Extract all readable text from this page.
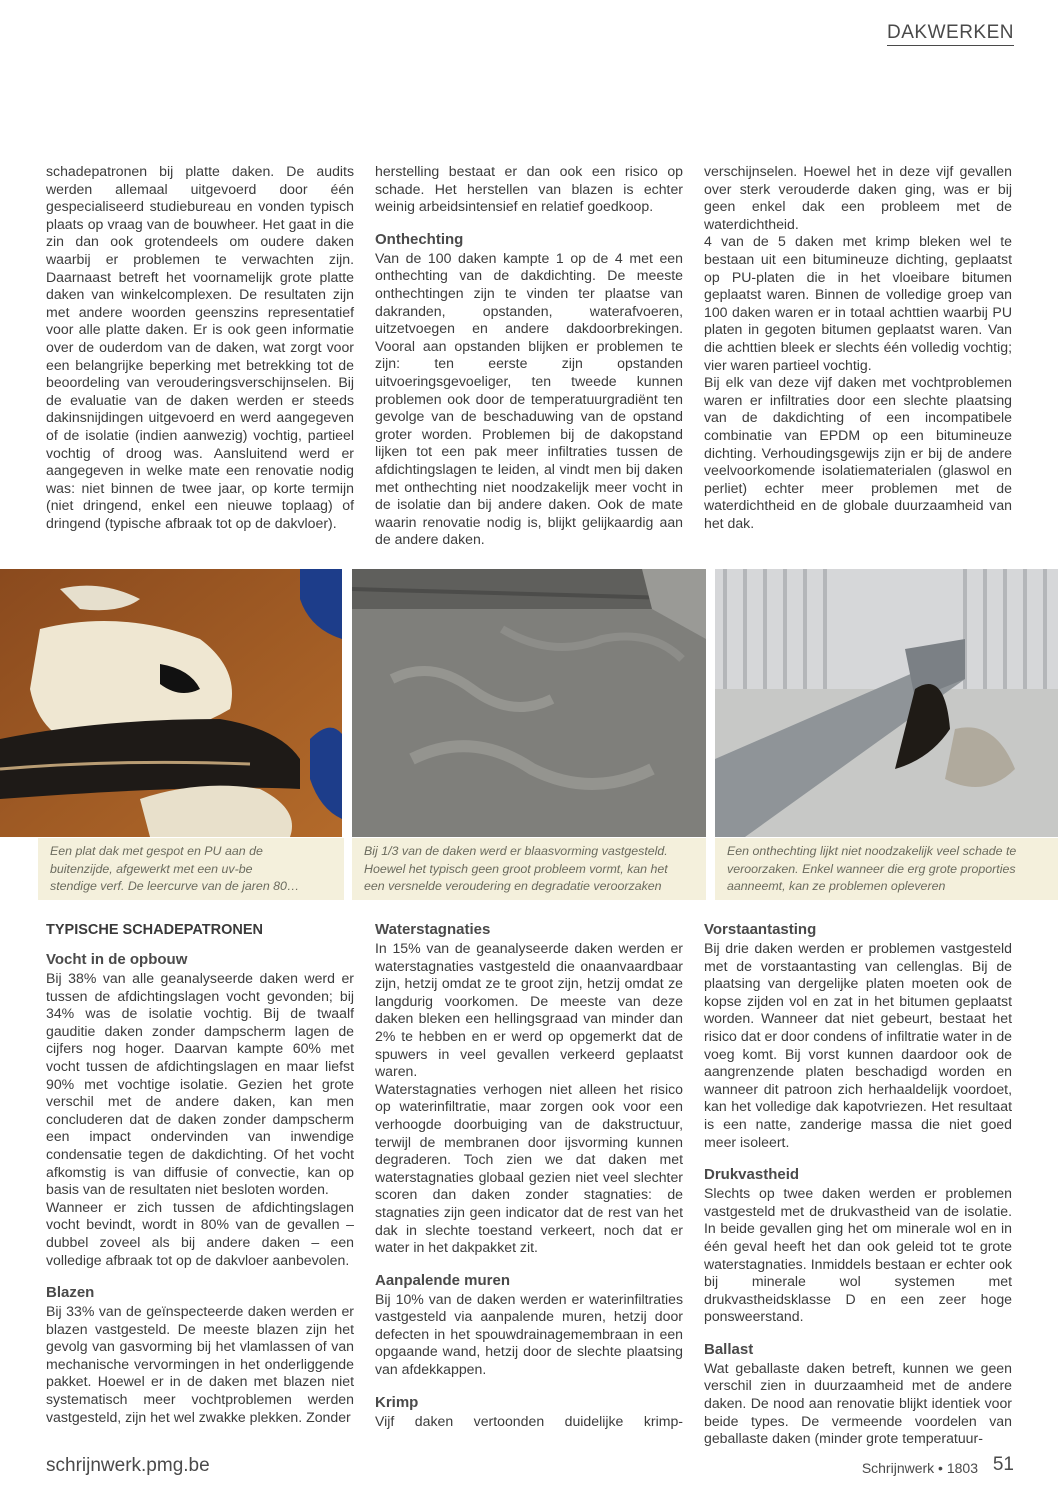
DAKWERKEN

schadepatronen bij platte daken. De audits werden allemaal uitgevoerd door één gespecialiseerd studiebureau en vonden typisch plaats op vraag van de bouwheer. Het gaat in die zin dan ook grotendeels om oudere daken waarbij er problemen te verwachten zijn. Daarnaast betreft het voornamelijk grote platte daken van winkelcomplexen. De resultaten zijn met andere woorden geenszins representatief voor alle platte daken. Er is ook geen informatie over de ouderdom van de daken, wat zorgt voor een belangrijke beperking met betrekking tot de beoordeling van verouderingsverschijnselen. Bij de evaluatie van de daken werden er steeds dakinsnijdingen uitgevoerd en werd aangegeven of de isolatie (indien aanwezig) vochtig, partieel vochtig of droog was. Aansluitend werd er aangegeven in welke mate een renovatie nodig was: niet binnen de twee jaar, op korte termijn (niet dringend, enkel een nieuwe toplaag) of dringend (typische afbraak tot op de dakvloer).

herstelling bestaat er dan ook een risico op schade. Het herstellen van blazen is echter weinig arbeidsintensief en relatief goedkoop.

Onthechting

Van de 100 daken kampte 1 op de 4 met een onthechting van de dakdichting. De meeste onthechtingen zijn te vinden ter plaatse van dakranden, opstanden, waterafvoeren, uitzetvoegen en andere dakdoorbrekingen. Vooral aan opstanden blijken er problemen te zijn: ten eerste zijn opstanden uitvoeringsgevoeliger, ten tweede kunnen problemen ook door de temperatuurgradiënt ten gevolge van de beschaduwing van de opstand groter worden. Problemen bij de dakopstand lijken tot een pak meer infiltraties tussen de afdichtingslagen te leiden, al vindt men bij daken met onthechting niet noodzakelijk meer vocht in de isolatie dan bij andere daken. Ook de mate waarin renovatie nodig is, blijkt gelijkaardig aan de andere daken.

verschijnselen. Hoewel het in deze vijf gevallen over sterk verouderde daken ging, was er bij geen enkel dak een probleem met de waterdichtheid.

4 van de 5 daken met krimp bleken wel te bestaan uit een bitumineuze dichting, geplaatst op PU-platen die in het vloeibare bitumen geplaatst waren. Binnen de volledige groep van 100 daken waren er in totaal achttien waarbij PU platen in gegoten bitumen geplaatst waren. Van die achttien bleek er slechts één volledig vochtig; vier waren partieel vochtig.

Bij elk van deze vijf daken met vochtproblemen waren er infiltraties door een slechte plaatsing van de dakdichting of een incompatibele combinatie van EPDM op een bitumineuze dichting. Verhoudingsgewijs zijn er bij de andere veelvoorkomende isolatiematerialen (glaswol en perliet) echter meer problemen met de waterdichtheid en de globale duurzaamheid van het dak.

Een plat dak met gespot en PU aan de
buitenzijde, afgewerkt met een uv-be
stendige verf. De leercurve van de jaren 80…
Bij 1/3 van de daken werd er blaasvorming vastgesteld.
Hoewel het typisch geen groot probleem vormt, kan het
een versnelde veroudering en degradatie veroorzaken
Een onthechting lijkt niet noodzakelijk veel schade te
veroorzaken. Enkel wanneer die erg grote proporties
aanneemt, kan ze problemen opleveren
TYPISCHE SCHADEPATRONEN
Vocht in de opbouw

Bij 38% van alle geanalyseerde daken werd er tussen de afdichtingslagen vocht gevonden; bij 34% was de isolatie vochtig. Bij de twaalf gauditie daken zonder dampscherm lagen de cijfers nog hoger. Daarvan kampte 60% met vocht tussen de afdichtingslagen en maar liefst 90% met vochtige isolatie. Gezien het grote verschil met de andere daken, kan men concluderen dat de daken zonder dampscherm een impact ondervinden van inwendige condensatie tegen de dakdichting. Of het vocht afkomstig is van diffusie of convectie, kan op basis van de resultaten niet besloten worden.

Wanneer er zich tussen de afdichtingslagen vocht bevindt, wordt in 80% van de gevallen – dubbel zoveel als bij andere daken – een volledige afbraak tot op de dakvloer aanbevolen.

Blazen

Bij 33% van de geïnspecteerde daken werden er blazen vastgesteld. De meeste blazen zijn het gevolg van gasvorming bij het vlamlassen of van mechanische vervormingen in het onderliggende pakket. Hoewel er in de daken met blazen niet systematisch meer vochtproblemen werden vastgesteld, zijn het wel zwakke plekken. Zonder

Waterstagnaties

In 15% van de geanalyseerde daken werden er waterstagnaties vastgesteld die onaanvaardbaar zijn, hetzij omdat ze te groot zijn, hetzij omdat ze langdurig voorkomen. De meeste van deze daken bleken een hellingsgraad van minder dan 2% te hebben en er werd op opgemerkt dat de spuwers in veel gevallen verkeerd geplaatst waren.

Waterstagnaties verhogen niet alleen het risico op waterinfiltratie, maar zorgen ook voor een verhoogde doorbuiging van de dakstructuur, terwijl de membranen door ijsvorming kunnen degraderen. Toch zien we dat daken met waterstagnaties globaal gezien niet veel slechter scoren dan daken zonder stagnaties: de stagnaties zijn geen indicator dat de rest van het dak in slechte toestand verkeert, noch dat er water in het dakpakket zit.

Aanpalende muren

Bij 10% van de daken werden er waterinfiltraties vastgesteld via aanpalende muren, hetzij door defecten in het spouwdrainagemembraan in een opgaande wand, hetzij door de slechte plaatsing van afdekkappen.

Krimp

Vijf daken vertoonden duidelijke krimp-

Vorstaantasting

Bij drie daken werden er problemen vastgesteld met de vorstaantasting van cellenglas. Bij de plaatsing van dergelijke platen moeten ook de kopse zijden vol en zat in het bitumen geplaatst worden. Wanneer dat niet gebeurt, bestaat het risico dat er door condens of infiltratie water in de voeg komt. Bij vorst kunnen daardoor ook de aangrenzende platen beschadigd worden en wanneer dit patroon zich herhaaldelijk voordoet, kan het volledige dak kapotvriezen. Het resultaat is een natte, zanderige massa die niet goed meer isoleert.

Drukvastheid

Slechts op twee daken werden er problemen vastgesteld met de drukvastheid van de isolatie. In beide gevallen ging het om minerale wol en in één geval heeft het dan ook geleid tot te grote waterstagnaties. Inmiddels bestaan er echter ook bij minerale wol systemen met drukvastheidsklasse D en een zeer hoge ponsweerstand.

Ballast

Wat geballaste daken betreft, kunnen we geen verschil zien in duurzaamheid met de andere daken. De nood aan renovatie blijkt identiek voor beide types. De vermeende voordelen van geballaste daken (minder grote temperatuur-

schrijnwerk.pmg.be	Schrijnwerk • 1803 51
